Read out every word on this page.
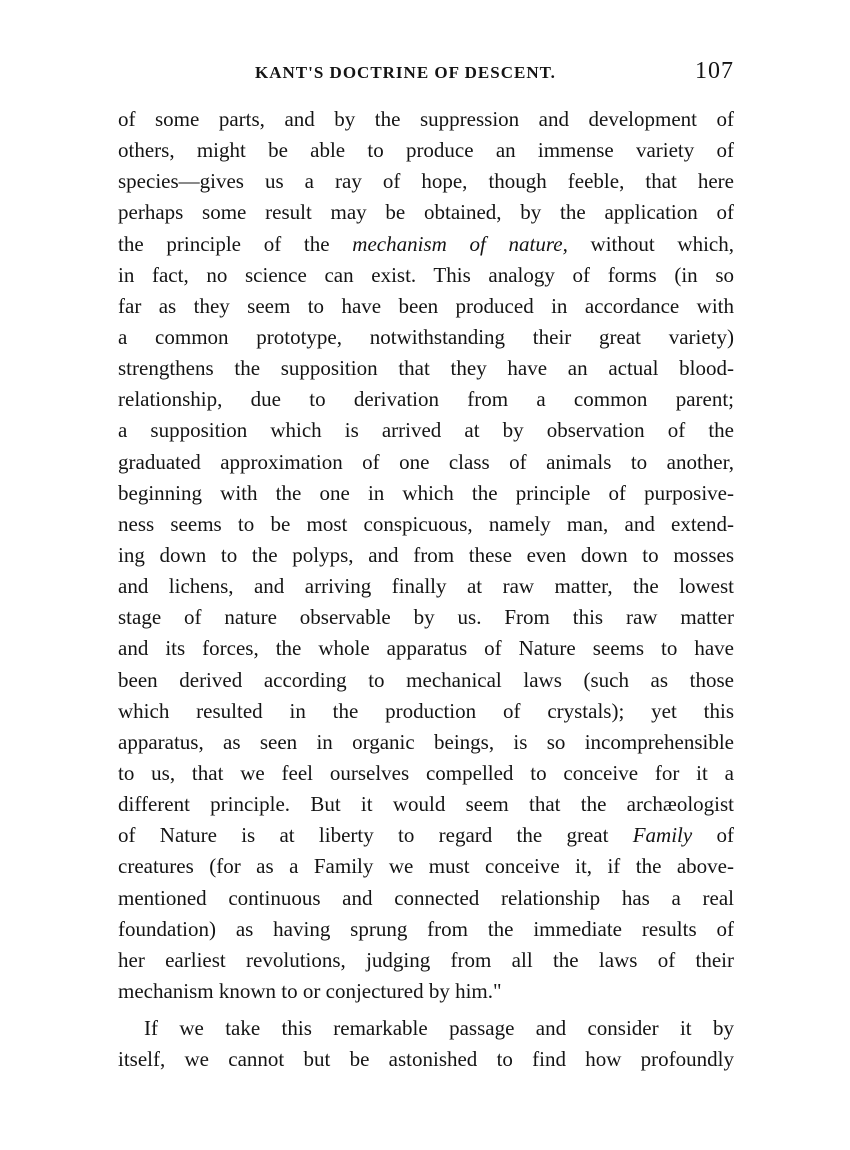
KANT'S DOCTRINE OF DESCENT.	107
of some parts, and by the suppression and development of
others, might be able to produce an immense variety of
species—gives us a ray of hope, though feeble, that here
perhaps some result may be obtained, by the application of
the principle of the mechanism of nature, without which,
in fact, no science can exist. This analogy of forms (in so
far as they seem to have been produced in accordance with
a common prototype, notwithstanding their great variety)
strengthens the supposition that they have an actual blood-
relationship, due to derivation from a common parent;
a supposition which is arrived at by observation of the
graduated approximation of one class of animals to another,
beginning with the one in which the principle of purposive-
ness seems to be most conspicuous, namely man, and extend-
ing down to the polyps, and from these even down to mosses
and lichens, and arriving finally at raw matter, the lowest
stage of nature observable by us. From this raw matter
and its forces, the whole apparatus of Nature seems to have
been derived according to mechanical laws (such as those
which resulted in the production of crystals); yet this
apparatus, as seen in organic beings, is so incomprehensible
to us, that we feel ourselves compelled to conceive for it a
different principle. But it would seem that the archæologist
of Nature is at liberty to regard the great Family of
creatures (for as a Family we must conceive it, if the above-
mentioned continuous and connected relationship has a real
foundation) as having sprung from the immediate results of
her earliest revolutions, judging from all the laws of their
mechanism known to or conjectured by him."
If we take this remarkable passage and consider it by
itself, we cannot but be astonished to find how profoundly
